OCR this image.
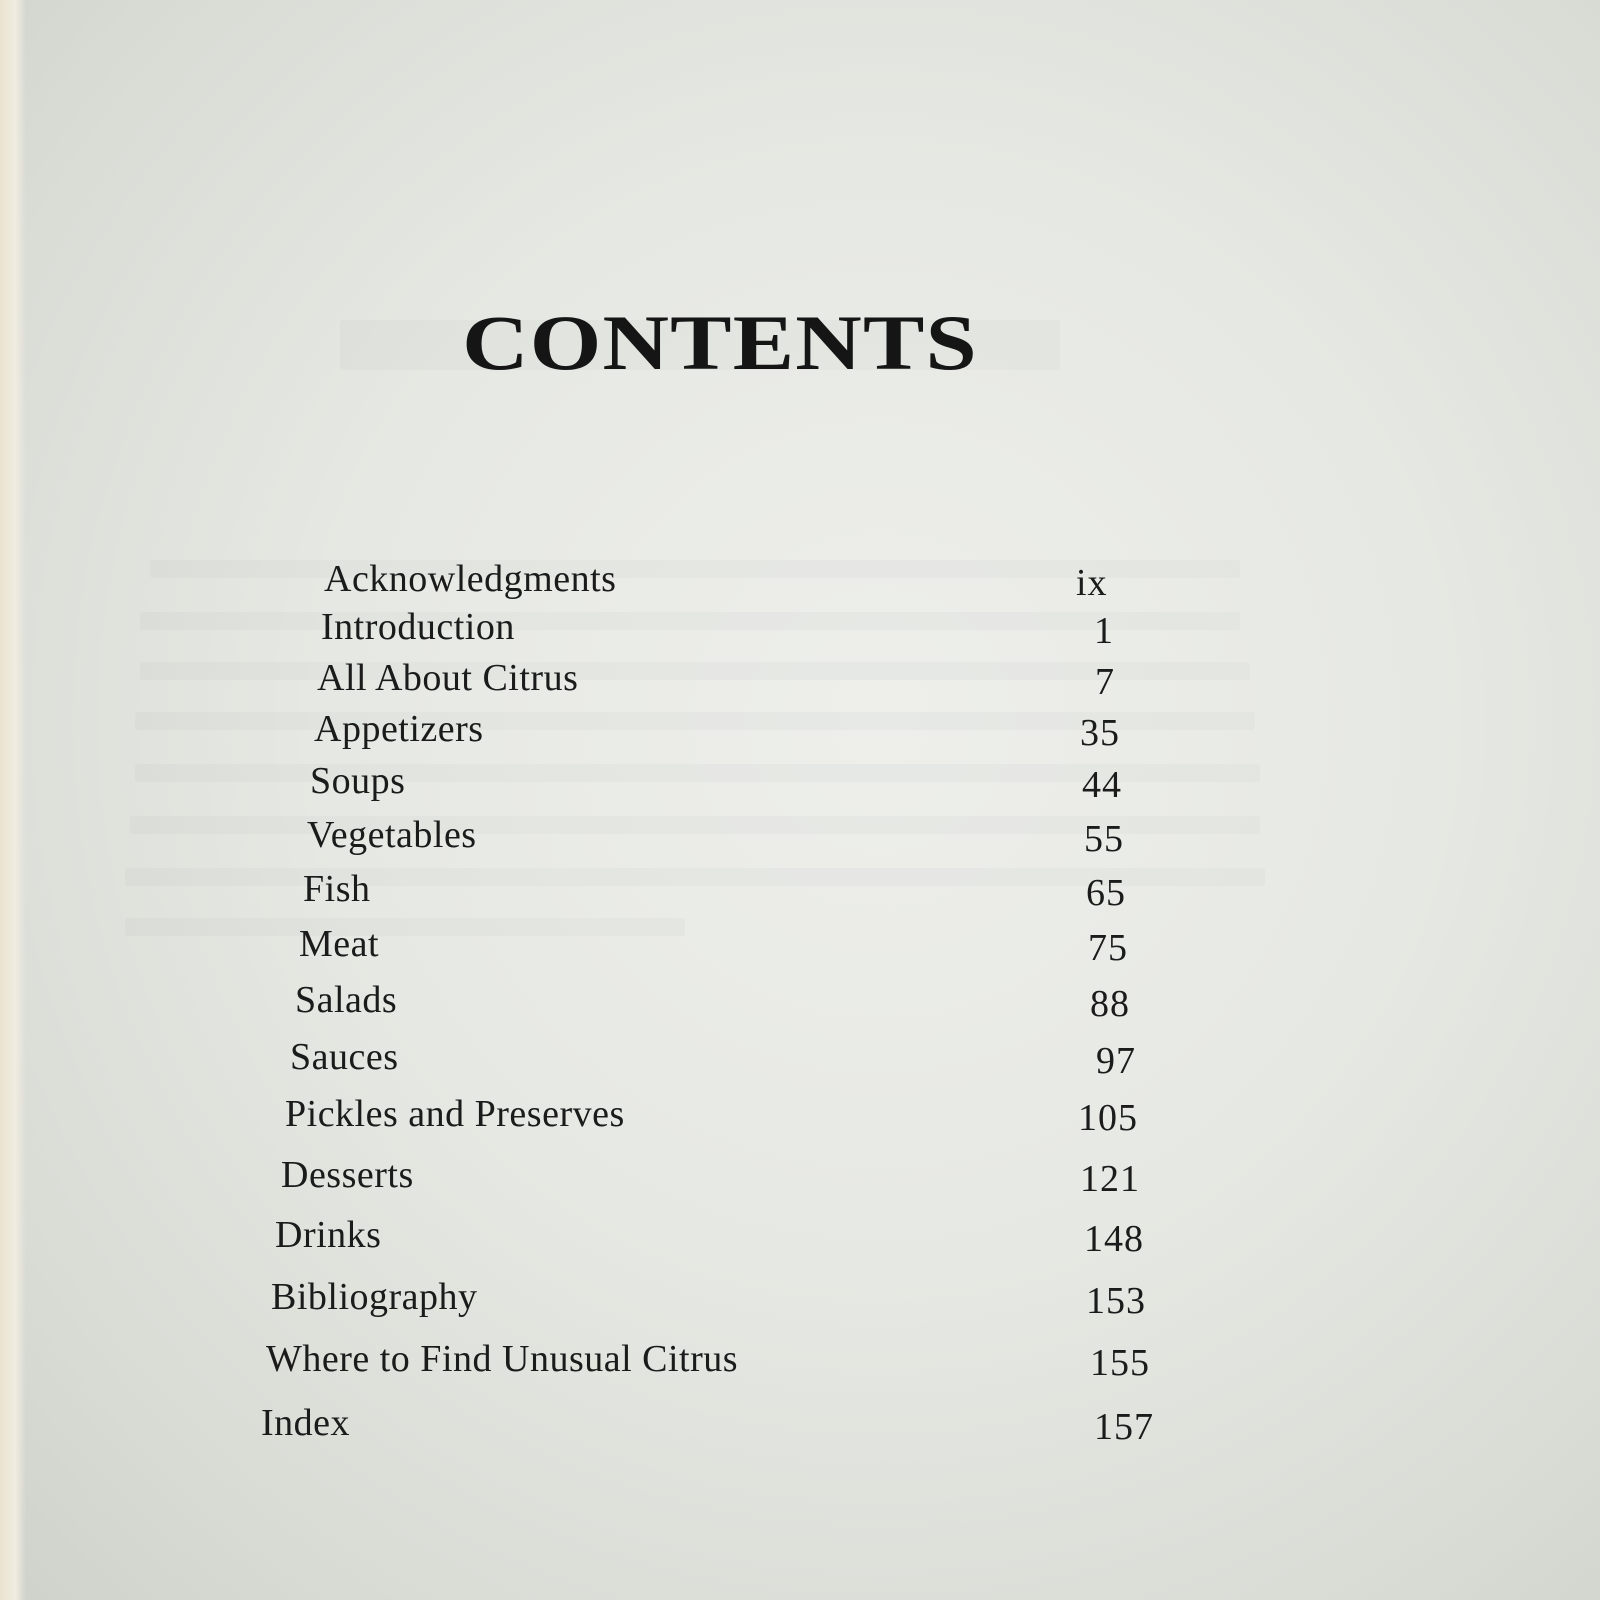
CONTENTS
Acknowledgments	ix
Introduction	1
All About Citrus	7
Appetizers	35
Soups	44
Vegetables	55
Fish	65
Meat	75
Salads	88
Sauces	97
Pickles and Preserves	105
Desserts	121
Drinks	148
Bibliography	153
Where to Find Unusual Citrus	155
Index	157
